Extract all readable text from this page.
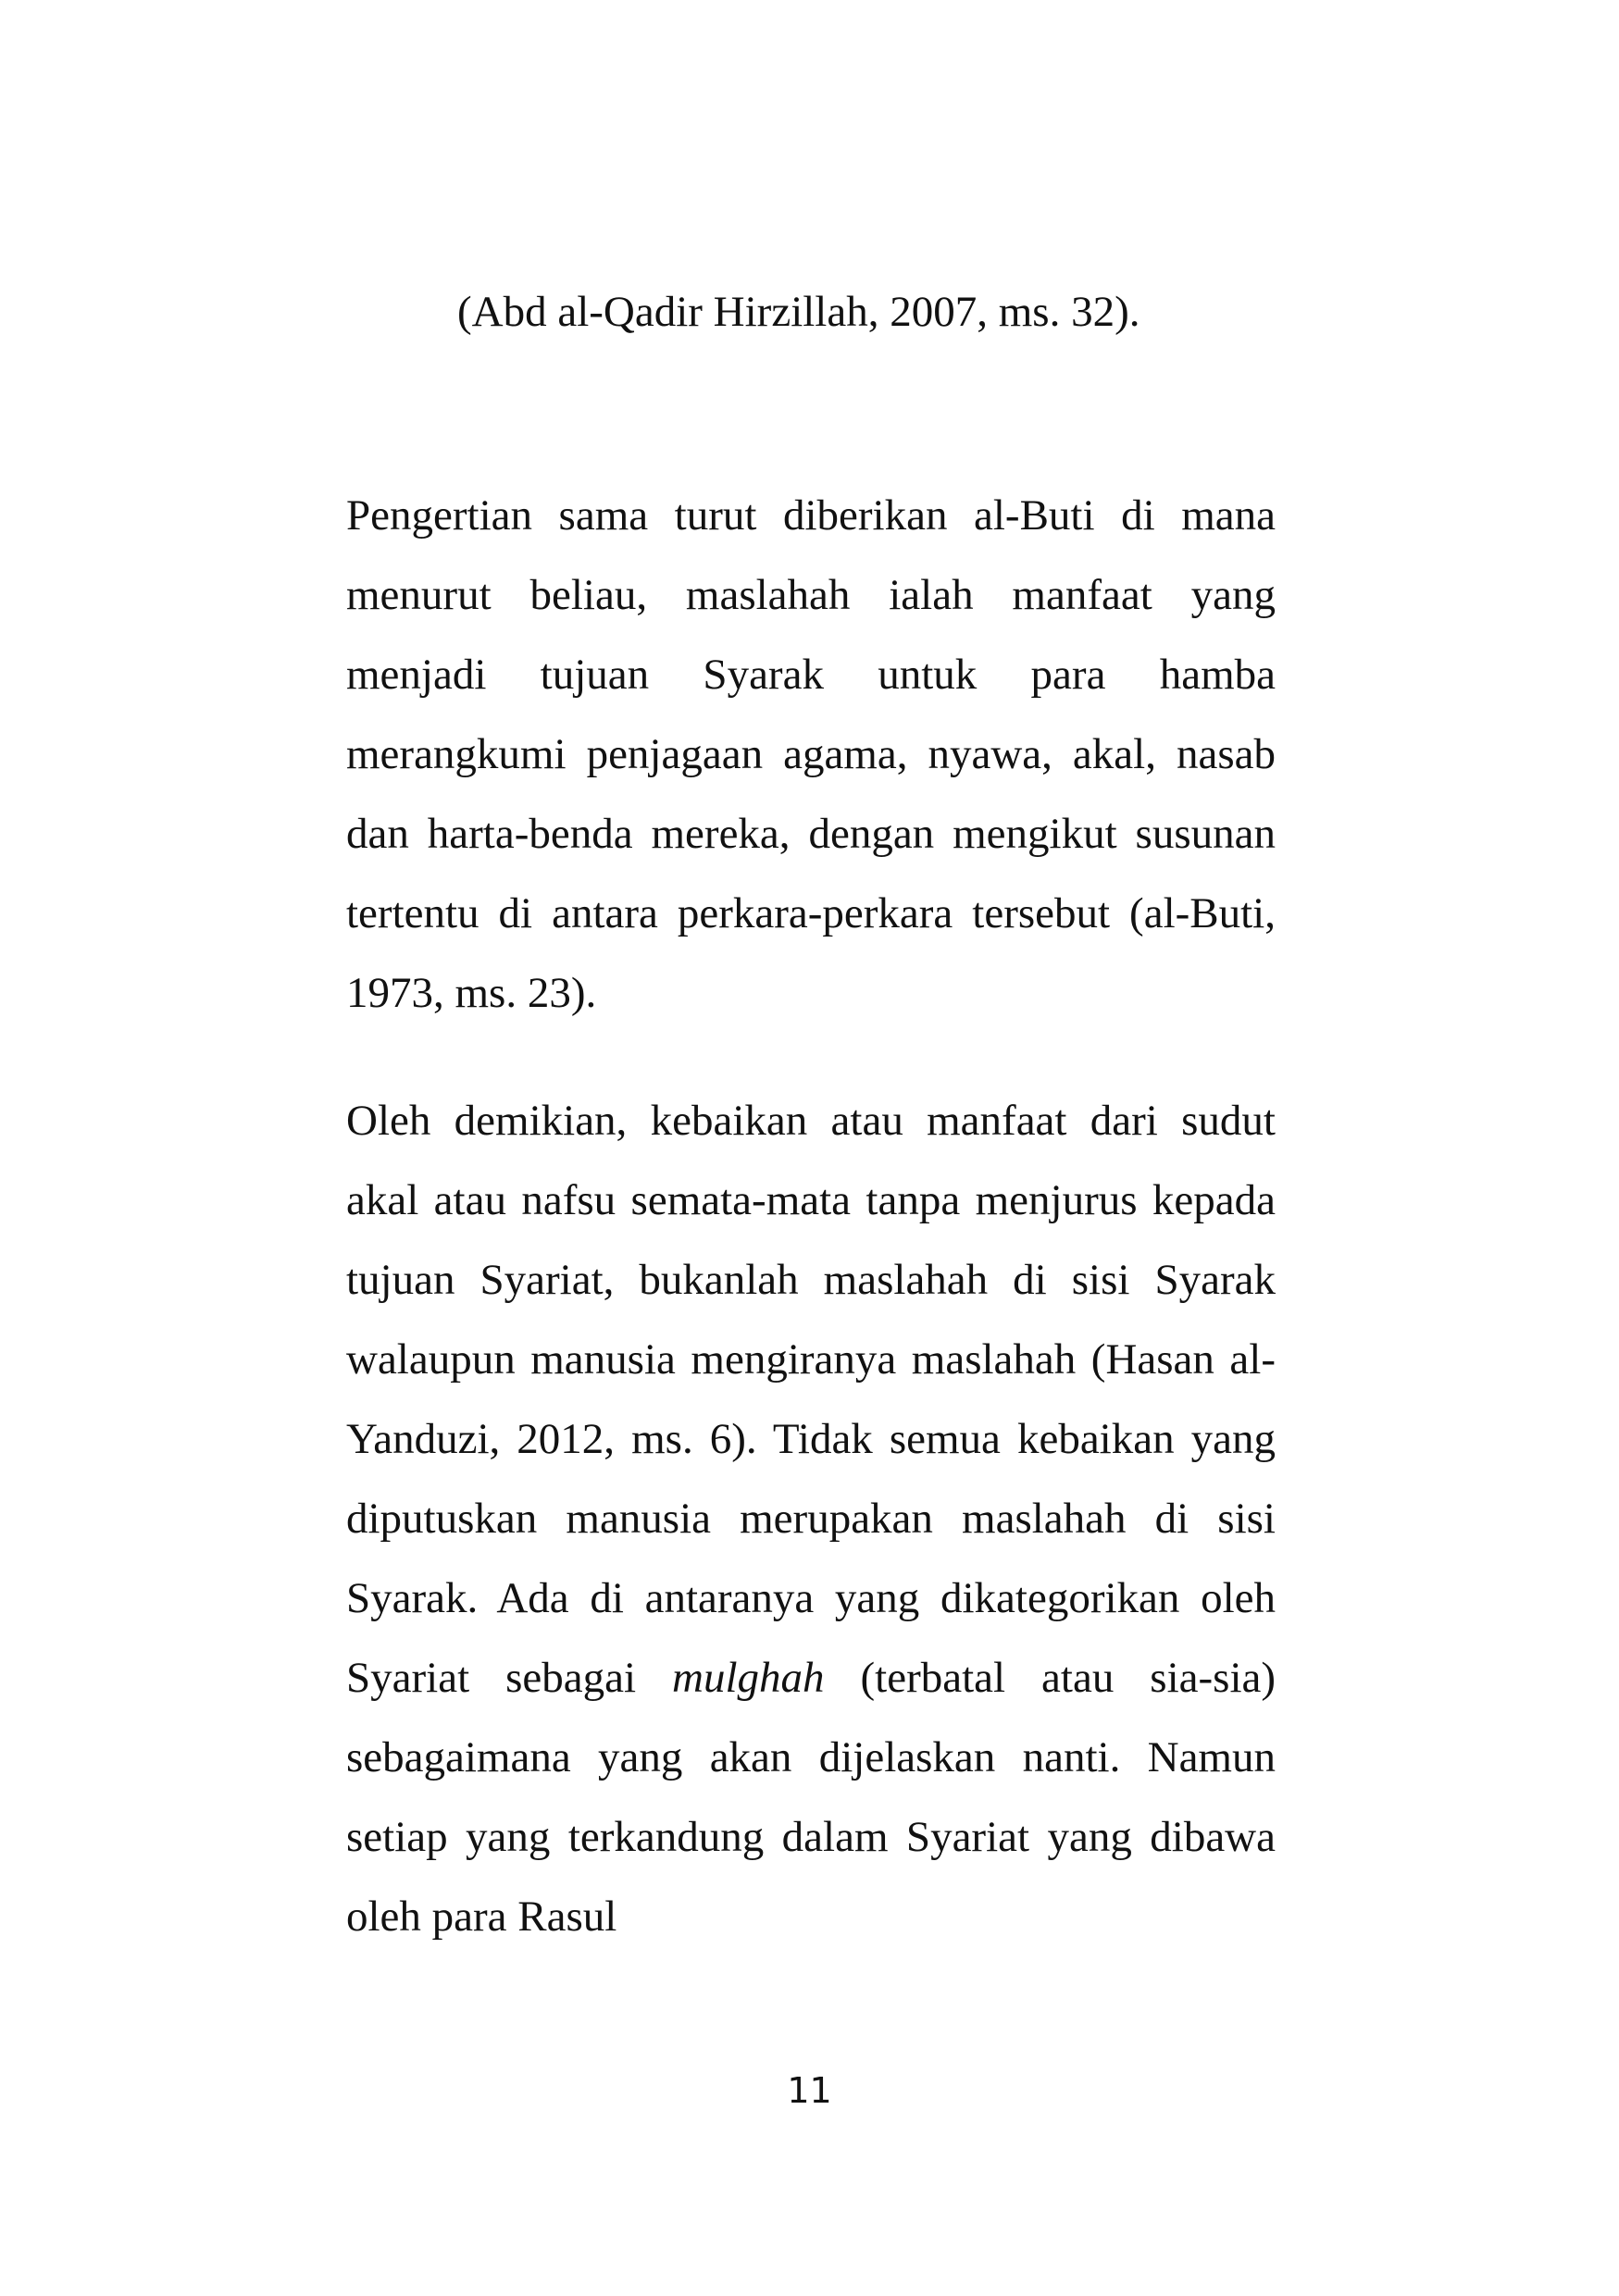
(Abd al-Qadir Hirzillah, 2007, ms. 32).

Pengertian sama turut diberikan al-Buti di mana menurut beliau, maslahah ialah manfaat yang menjadi tujuan Syarak untuk para hamba merangkumi penjagaan agama, nyawa, akal, nasab dan harta-benda mereka, dengan mengikut susunan tertentu di antara perkara-perkara tersebut (al-Buti, 1973, ms. 23).

Oleh demikian, kebaikan atau manfaat dari sudut akal atau nafsu semata-mata tanpa menjurus kepada tujuan Syariat, bukanlah maslahah di sisi Syarak walaupun manusia mengiranya maslahah (Hasan al-Yanduzi, 2012, ms. 6). Tidak semua kebaikan yang diputuskan manusia merupakan maslahah di sisi Syarak. Ada di antaranya yang dikategorikan oleh Syariat sebagai mulghah (terbatal atau sia-sia) sebagaimana yang akan dijelaskan nanti. Namun setiap yang terkandung dalam Syariat yang dibawa oleh para Rasul

11
